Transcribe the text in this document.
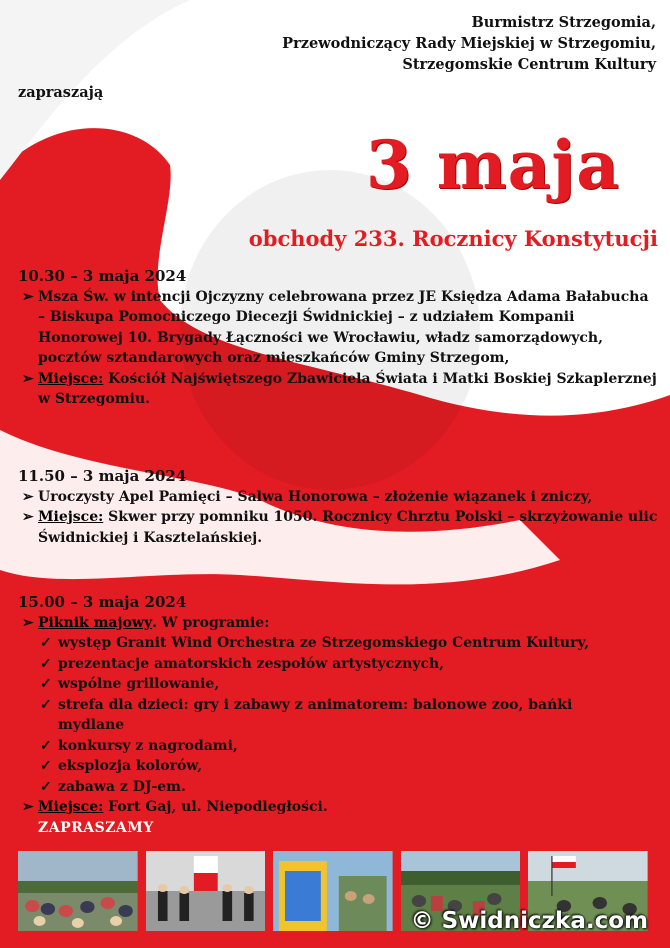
Burmistrz Strzegomia,
Przewodniczący Rady Miejskiej w Strzegomiu,
Strzegomskie Centrum Kultury
zapraszają
3 maja
obchody 233. Rocznicy Konstytucji
10.30 – 3 maja 2024
➢ Msza Św. w intencji Ojczyzny celebrowana przez JE Księdza Adama Bałabucha – Biskupa Pomocniczego Diecezji Świdnickiej – z udziałem Kompanii Honorowej 10. Brygady Łączności we Wrocławiu, władz samorządowych, pocztów sztandarowych oraz mieszkańców Gminy Strzegom,
➢ Miejsce: Kościół Najświętszego Zbawiciela Świata i Matki Boskiej Szkaplerznej w Strzegomiu.
11.50 – 3 maja 2024
➢ Uroczysty Apel Pamięci – Salwa Honorowa – złożenie wiązanek i zniczy,
➢ Miejsce: Skwer przy pomniku 1050. Rocznicy Chrztu Polski – skrzyżowanie ulic Świdnickiej i Kasztelańskiej.
15.00 – 3 maja 2024
➢ Piknik majowy. W programie:
✓ występ Granit Wind Orchestra ze Strzegomskiego Centrum Kultury,
✓ prezentacje amatorskich zespołów artystycznych,
✓ wspólne grillowanie,
✓ strefa dla dzieci: gry i zabawy z animatorem: balonowe zoo, bańki mydlane
✓ konkursy z nagrodami,
✓ eksplozja kolorów,
✓ zabawa z DJ-em.
➢ Miejsce: Fort Gaj, ul. Niepodległości.
ZAPRASZAMY
© Swidniczka.com
